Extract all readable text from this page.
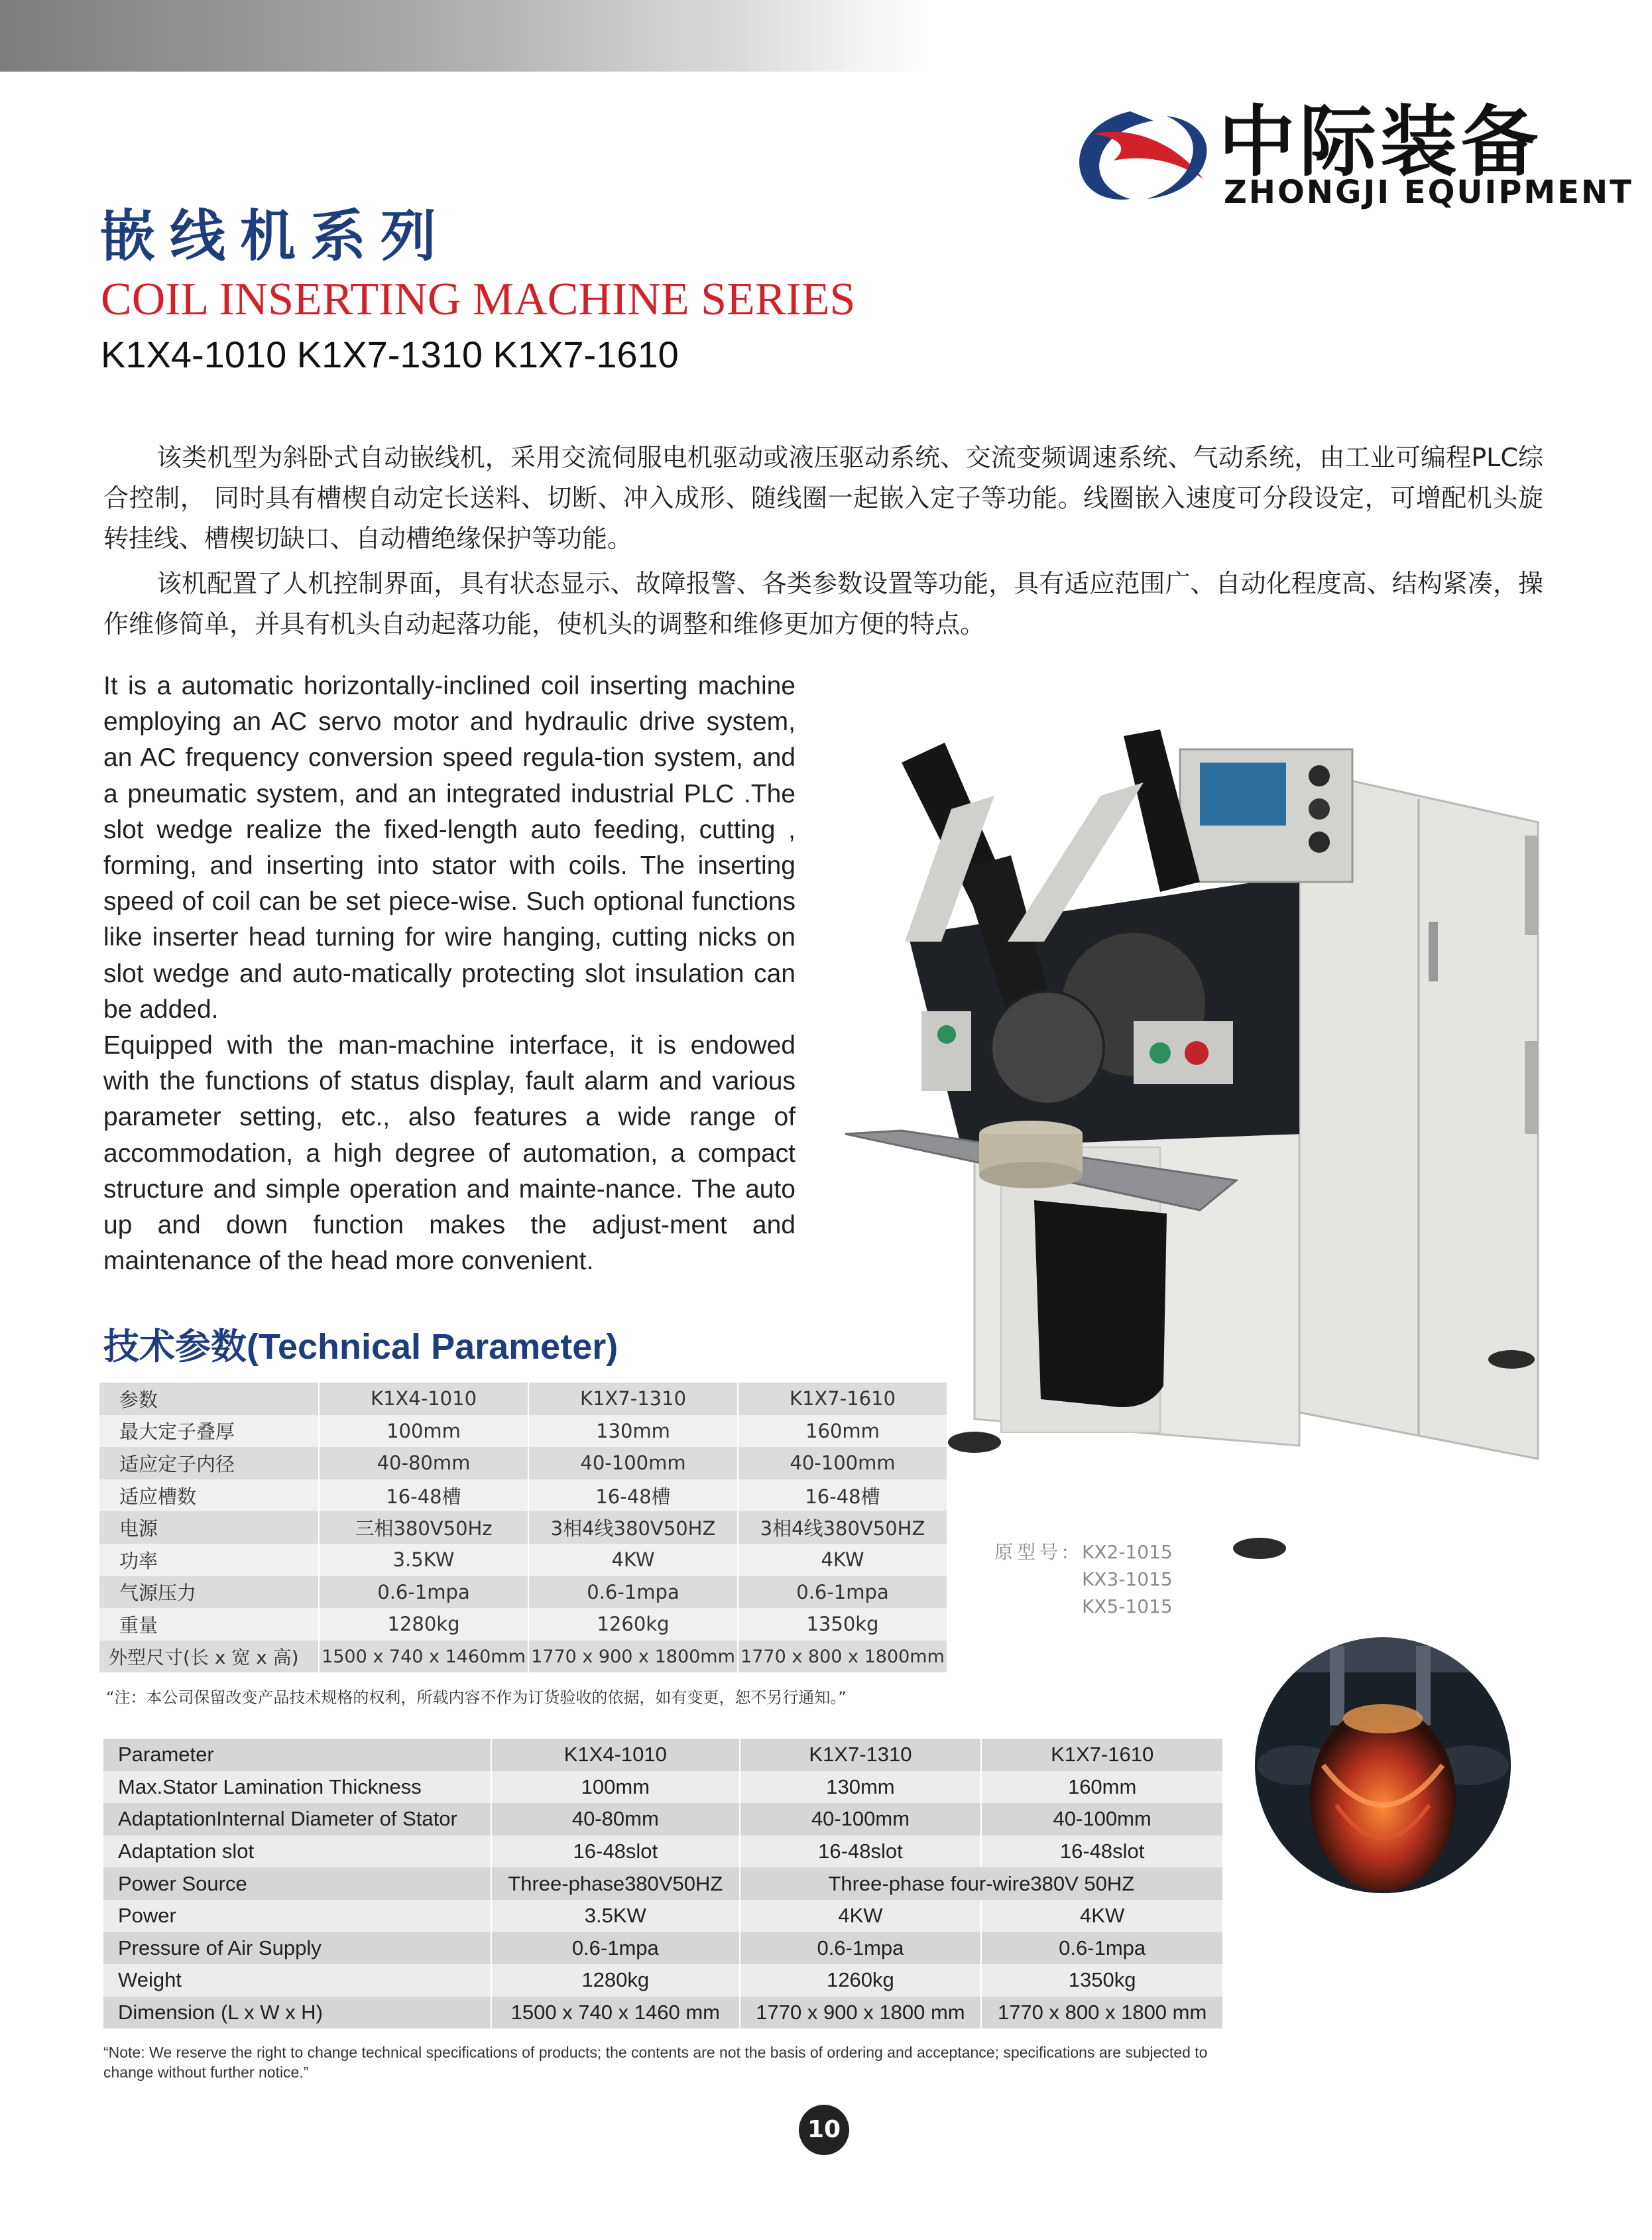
中际装备
ZHONGJI EQUIPMENT
嵌线机系列
COIL INSERTING MACHINE SERIES
K1X4-1010 K1X7-1310 K1X7-1610
该类机型为斜卧式自动嵌线机，采用交流伺服电机驱动或液压驱动系统、交流变频调速系统、气动系统，由工业可编程PLC综合控制， 同时具有槽楔自动定长送料、切断、冲入成形、随线圈一起嵌入定子等功能。线圈嵌入速度可分段设定，可增配机头旋转挂线、槽楔切缺口、自动槽绝缘保护等功能。
该机配置了人机控制界面，具有状态显示、故障报警、各类参数设置等功能，具有适应范围广、自动化程度高、结构紧凑，操作维修简单，并具有机头自动起落功能，使机头的调整和维修更加方便的特点。

It is a automatic horizontally-inclined coil inserting machine employing an AC servo motor and hydraulic drive system, an AC frequency conversion speed regula-tion system, and a pneumatic system, and an integrated industrial PLC .The slot wedge realize the fixed-length auto feeding, cutting , forming, and inserting into stator with coils. The inserting speed of coil can be set piece-wise. Such optional functions like inserter head turning for wire hanging, cutting nicks on slot wedge and auto-matically protecting slot insulation can be added.

Equipped with the man-machine interface, it is endowed with the functions of status display, fault alarm and various parameter setting, etc., also features a wide range of accommodation, a high degree of automation, a compact structure and simple operation and mainte-nance. The auto up and down function makes the adjust-ment and maintenance of the head more convenient.

原型号: KX2-1015
KX3-1015
KX5-1015
技术参数(Technical Parameter)
参数	K1X4-1010	K1X7-1310	K1X7-1610
最大定子叠厚	100mm	130mm	160mm
适应定子内径	40-80mm	40-100mm	40-100mm
适应槽数	16-48槽	16-48槽	16-48槽
电源	三相380V50Hz	3相4线380V50HZ	3相4线380V50HZ
功率	3.5KW	4KW	4KW
气源压力	0.6-1mpa	0.6-1mpa	0.6-1mpa
重量	1280kg	1260kg	1350kg
外型尺寸(长 x 宽 x 高)	1500 x 740 x 1460mm	1770 x 900 x 1800mm	1770 x 800 x 1800mm
“注：本公司保留改变产品技术规格的权利，所载内容不作为订货验收的依据，如有变更，恕不另行通知。”
Parameter	K1X4-1010	K1X7-1310	K1X7-1610
Max.Stator Lamination Thickness	100mm	130mm	160mm
AdaptationInternal Diameter of Stator	40-80mm	40-100mm	40-100mm
Adaptation slot	16-48slot	16-48slot	16-48slot
Power Source	Three-phase380V50HZ	Three-phase four-wire380V 50HZ	
Power	3.5KW	4KW	4KW
Pressure of Air Supply	0.6-1mpa	0.6-1mpa	0.6-1mpa
Weight	1280kg	1260kg	1350kg
Dimension (L x W x H)	1500 x 740 x 1460 mm	1770 x 900 x 1800 mm	1770 x 800 x 1800 mm
“Note: We reserve the right to change technical specifications of products; the contents are not the basis of ordering and acceptance; specifications are subjected to change without further notice.”
10
